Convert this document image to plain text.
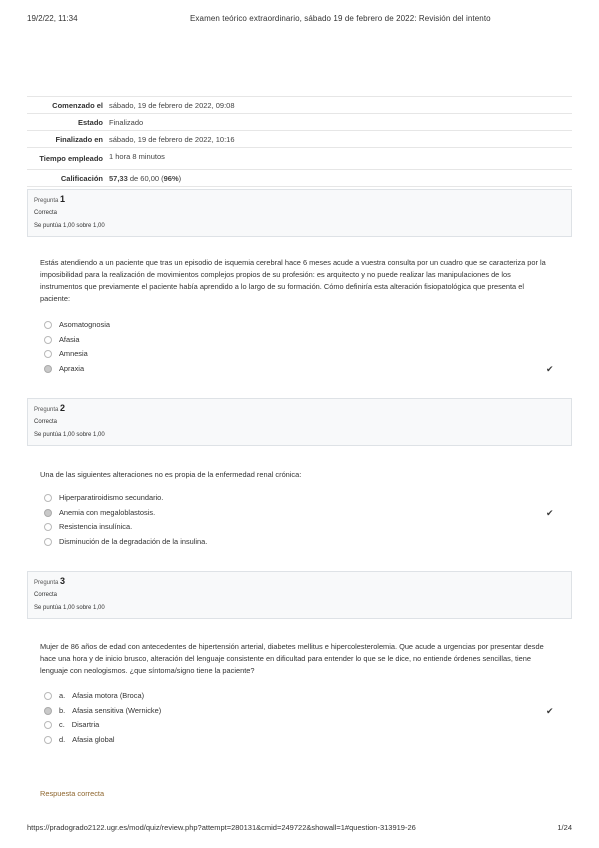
19/2/22, 11:34	Examen teórico extraordinario, sábado 19 de febrero de 2022: Revisión del intento
Comenzado el sábado, 19 de febrero de 2022, 09:08
Estado Finalizado
Finalizado en sábado, 19 de febrero de 2022, 10:16
Tiempo empleado 1 hora 8 minutos
Calificación 57,33 de 60,00 (96%)
Pregunta 1
Correcta
Se puntúa 1,00 sobre 1,00
Estás atendiendo a un paciente que tras un episodio de isquemia cerebral hace 6 meses acude a vuestra consulta por un cuadro que se caracteriza por la imposibilidad para la realización de movimientos complejos propios de su profesión: es arquitecto y no puede realizar las manipulaciones de los instrumentos que previamente el paciente había aprendido a lo largo de su formación. Cómo definiría esta alteración fisiopatológica que presenta el paciente:
Asomatognosia
Afasia
Amnesia
Apraxia	✔
Pregunta 2
Correcta
Se puntúa 1,00 sobre 1,00
Una de las siguientes alteraciones no es propia de la enfermedad renal crónica:
Hiperparatiroidismo secundario.
Anemia con megaloblastosis.	✔
Resistencia insulínica.
Disminución de la degradación de la insulina.
Pregunta 3
Correcta
Se puntúa 1,00 sobre 1,00
Mujer de 86 años de edad con antecedentes de hipertensión arterial, diabetes mellitus e hipercolesterolemia. Que acude a urgencias por presentar desde hace una hora y de inicio brusco, alteración del lenguaje consistente en dificultad para entender lo que se le dice, no entiende órdenes sencillas, tiene lenguaje con neologismos. ¿que síntoma/signo tiene la paciente?
a. Afasia motora (Broca)
b. Afasia sensitiva (Wernicke)	✔
c. Disartria
d. Afasia global
Respuesta correcta
https://pradogrado2122.ugr.es/mod/quiz/review.php?attempt=280131&cmid=249722&showall=1#question-313919-26	1/24
